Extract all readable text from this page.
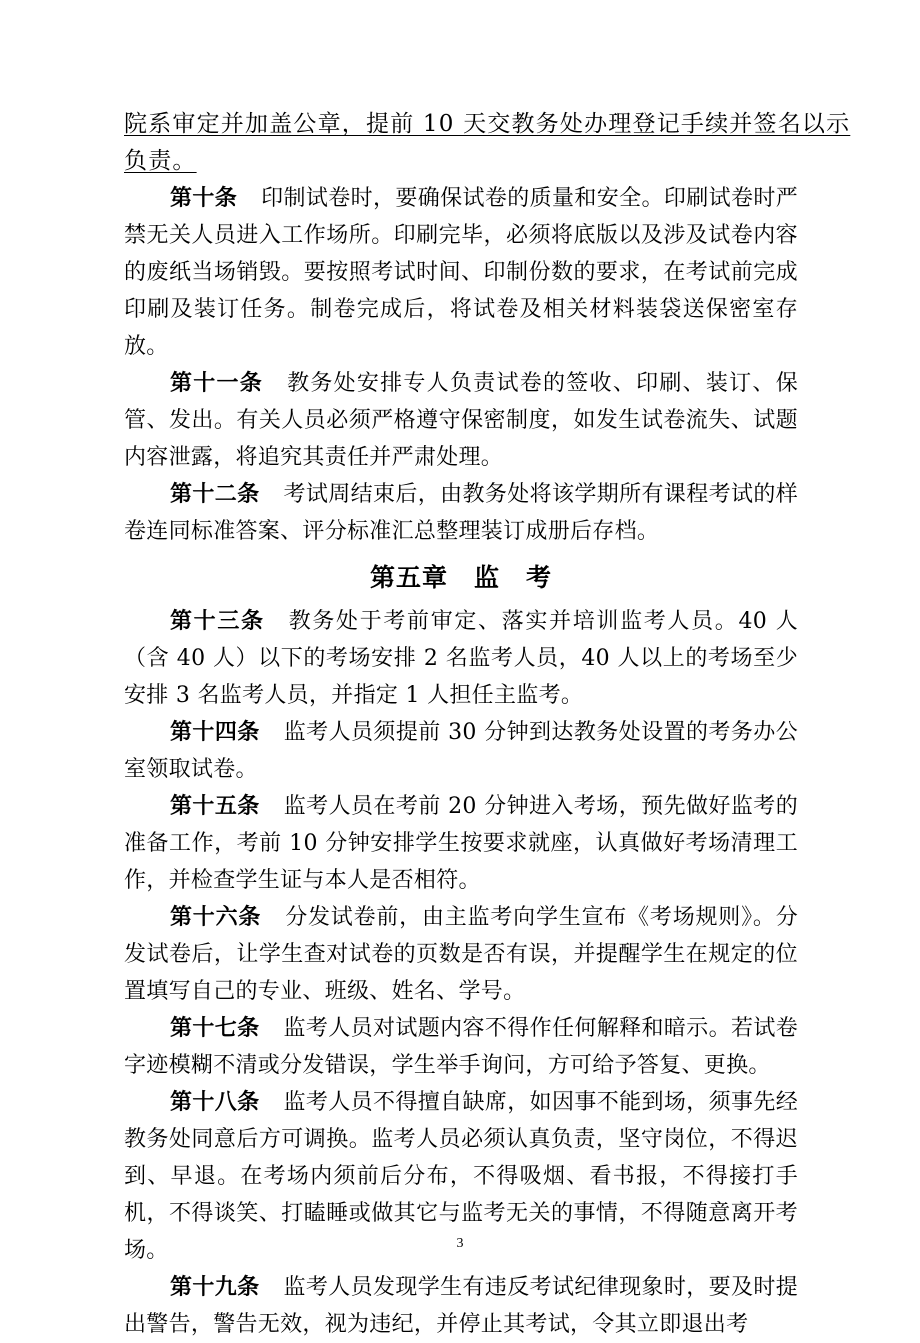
院系审定并加盖公章，提前 10 天交教务处办理登记手续并签名以示
负责。

第十条 印制试卷时，要确保试卷的质量和安全。印刷试卷时严禁无关人员进入工作场所。印刷完毕，必须将底版以及涉及试卷内容的废纸当场销毁。要按照考试时间、印制份数的要求，在考试前完成印刷及装订任务。制卷完成后，将试卷及相关材料装袋送保密室存放。

第十一条 教务处安排专人负责试卷的签收、印刷、装订、保管、发出。有关人员必须严格遵守保密制度，如发生试卷流失、试题内容泄露，将追究其责任并严肃处理。

第十二条 考试周结束后，由教务处将该学期所有课程考试的样卷连同标准答案、评分标准汇总整理装订成册后存档。

第五章　监　考

第十三条 教务处于考前审定、落实并培训监考人员。40 人（含 40 人）以下的考场安排 2 名监考人员，40 人以上的考场至少安排 3 名监考人员，并指定 1 人担任主监考。

第十四条 监考人员须提前 30 分钟到达教务处设置的考务办公室领取试卷。

第十五条 监考人员在考前 20 分钟进入考场，预先做好监考的准备工作，考前 10 分钟安排学生按要求就座，认真做好考场清理工作，并检查学生证与本人是否相符。

第十六条 分发试卷前，由主监考向学生宣布《考场规则》。分发试卷后，让学生查对试卷的页数是否有误，并提醒学生在规定的位置填写自己的专业、班级、姓名、学号。

第十七条 监考人员对试题内容不得作任何解释和暗示。若试卷字迹模糊不清或分发错误，学生举手询问，方可给予答复、更换。

第十八条 监考人员不得擅自缺席，如因事不能到场，须事先经教务处同意后方可调换。监考人员必须认真负责，坚守岗位，不得迟到、早退。在考场内须前后分布，不得吸烟、看书报，不得接打手机，不得谈笑、打瞌睡或做其它与监考无关的事情，不得随意离开考场。

第十九条 监考人员发现学生有违反考试纪律现象时，要及时提出警告，警告无效，视为违纪，并停止其考试，令其立即退出考

3
